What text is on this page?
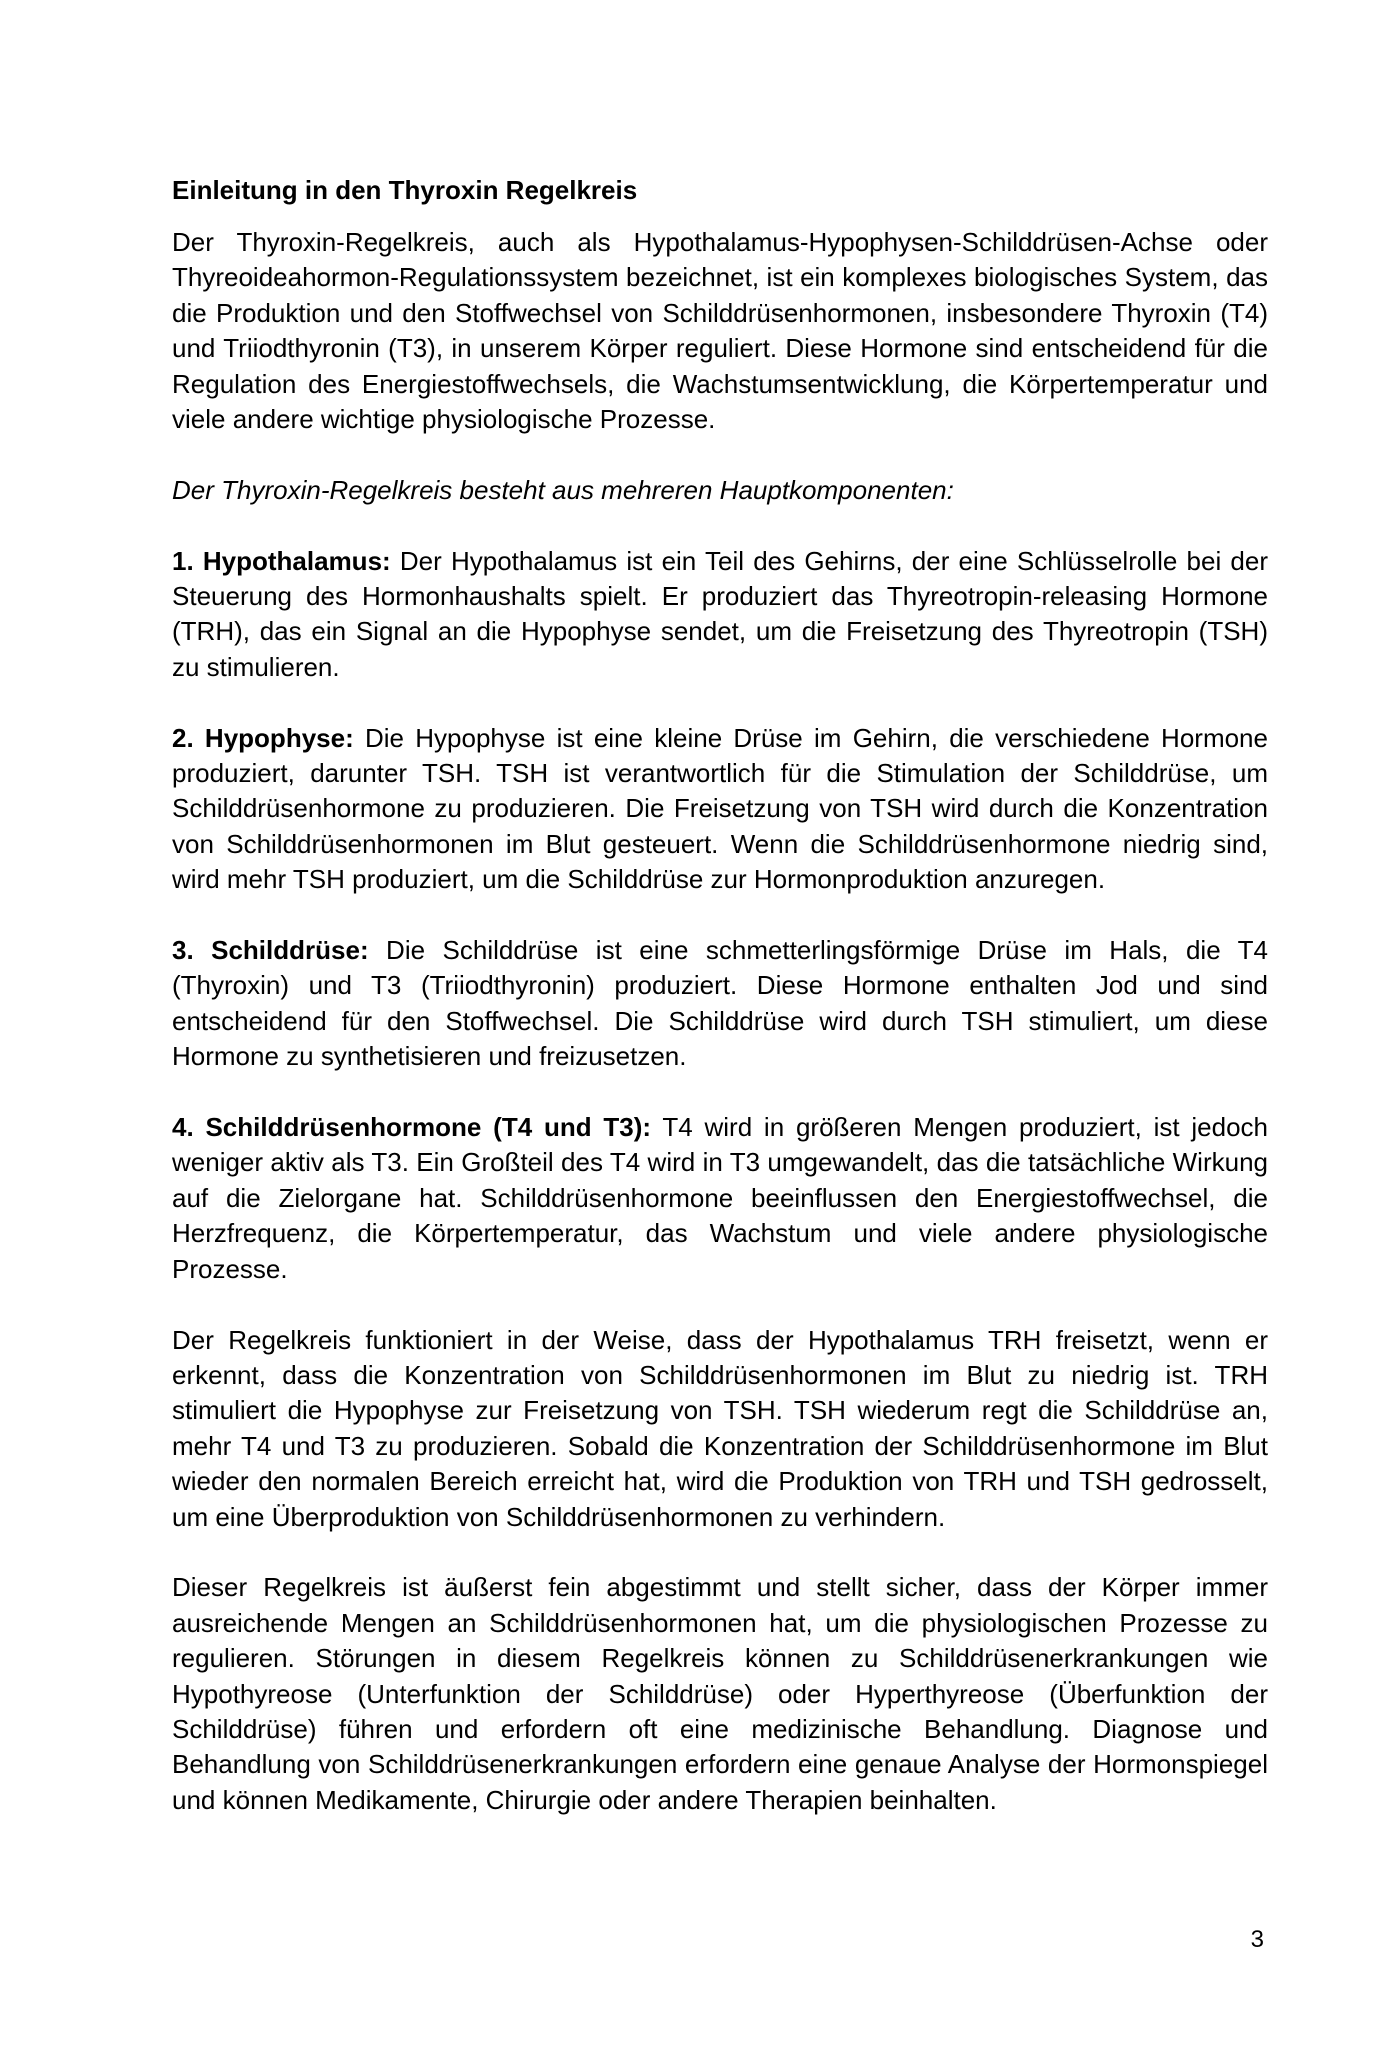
Einleitung in den Thyroxin Regelkreis

Der Thyroxin-Regelkreis, auch als Hypothalamus-Hypophysen-Schilddrüsen-Achse oder Thyreoideahormon-Regulationssystem bezeichnet, ist ein komplexes biologisches System, das die Produktion und den Stoffwechsel von Schilddrüsenhormonen, insbesondere Thyroxin (T4) und Triiodthyronin (T3), in unserem Körper reguliert. Diese Hormone sind entscheidend für die Regulation des Energiestoffwechsels, die Wachstumsentwicklung, die Körpertemperatur und viele andere wichtige physiologische Prozesse.

Der Thyroxin-Regelkreis besteht aus mehreren Hauptkomponenten:

1. Hypothalamus: Der Hypothalamus ist ein Teil des Gehirns, der eine Schlüsselrolle bei der Steuerung des Hormonhaushalts spielt. Er produziert das Thyreotropin-releasing Hormone (TRH), das ein Signal an die Hypophyse sendet, um die Freisetzung des Thyreotropin (TSH) zu stimulieren.

2. Hypophyse: Die Hypophyse ist eine kleine Drüse im Gehirn, die verschiedene Hormone produziert, darunter TSH. TSH ist verantwortlich für die Stimulation der Schilddrüse, um Schilddrüsenhormone zu produzieren. Die Freisetzung von TSH wird durch die Konzentration von Schilddrüsenhormonen im Blut gesteuert. Wenn die Schilddrüsenhormone niedrig sind, wird mehr TSH produziert, um die Schilddrüse zur Hormonproduktion anzuregen.

3. Schilddrüse: Die Schilddrüse ist eine schmetterlingsförmige Drüse im Hals, die T4 (Thyroxin) und T3 (Triiodthyronin) produziert. Diese Hormone enthalten Jod und sind entscheidend für den Stoffwechsel. Die Schilddrüse wird durch TSH stimuliert, um diese Hormone zu synthetisieren und freizusetzen.

4. Schilddrüsenhormone (T4 und T3): T4 wird in größeren Mengen produziert, ist jedoch weniger aktiv als T3. Ein Großteil des T4 wird in T3 umgewandelt, das die tatsächliche Wirkung auf die Zielorgane hat. Schilddrüsenhormone beeinflussen den Energiestoffwechsel, die Herzfrequenz, die Körpertemperatur, das Wachstum und viele andere physiologische Prozesse.

Der Regelkreis funktioniert in der Weise, dass der Hypothalamus TRH freisetzt, wenn er erkennt, dass die Konzentration von Schilddrüsenhormonen im Blut zu niedrig ist. TRH stimuliert die Hypophyse zur Freisetzung von TSH. TSH wiederum regt die Schilddrüse an, mehr T4 und T3 zu produzieren. Sobald die Konzentration der Schilddrüsenhormone im Blut wieder den normalen Bereich erreicht hat, wird die Produktion von TRH und TSH gedrosselt, um eine Überproduktion von Schilddrüsenhormonen zu verhindern.

Dieser Regelkreis ist äußerst fein abgestimmt und stellt sicher, dass der Körper immer ausreichende Mengen an Schilddrüsenhormonen hat, um die physiologischen Prozesse zu regulieren. Störungen in diesem Regelkreis können zu Schilddrüsenerkrankungen wie Hypothyreose (Unterfunktion der Schilddrüse) oder Hyperthyreose (Überfunktion der Schilddrüse) führen und erfordern oft eine medizinische Behandlung. Diagnose und Behandlung von Schilddrüsenerkrankungen erfordern eine genaue Analyse der Hormonspiegel und können Medikamente, Chirurgie oder andere Therapien beinhalten.

3
